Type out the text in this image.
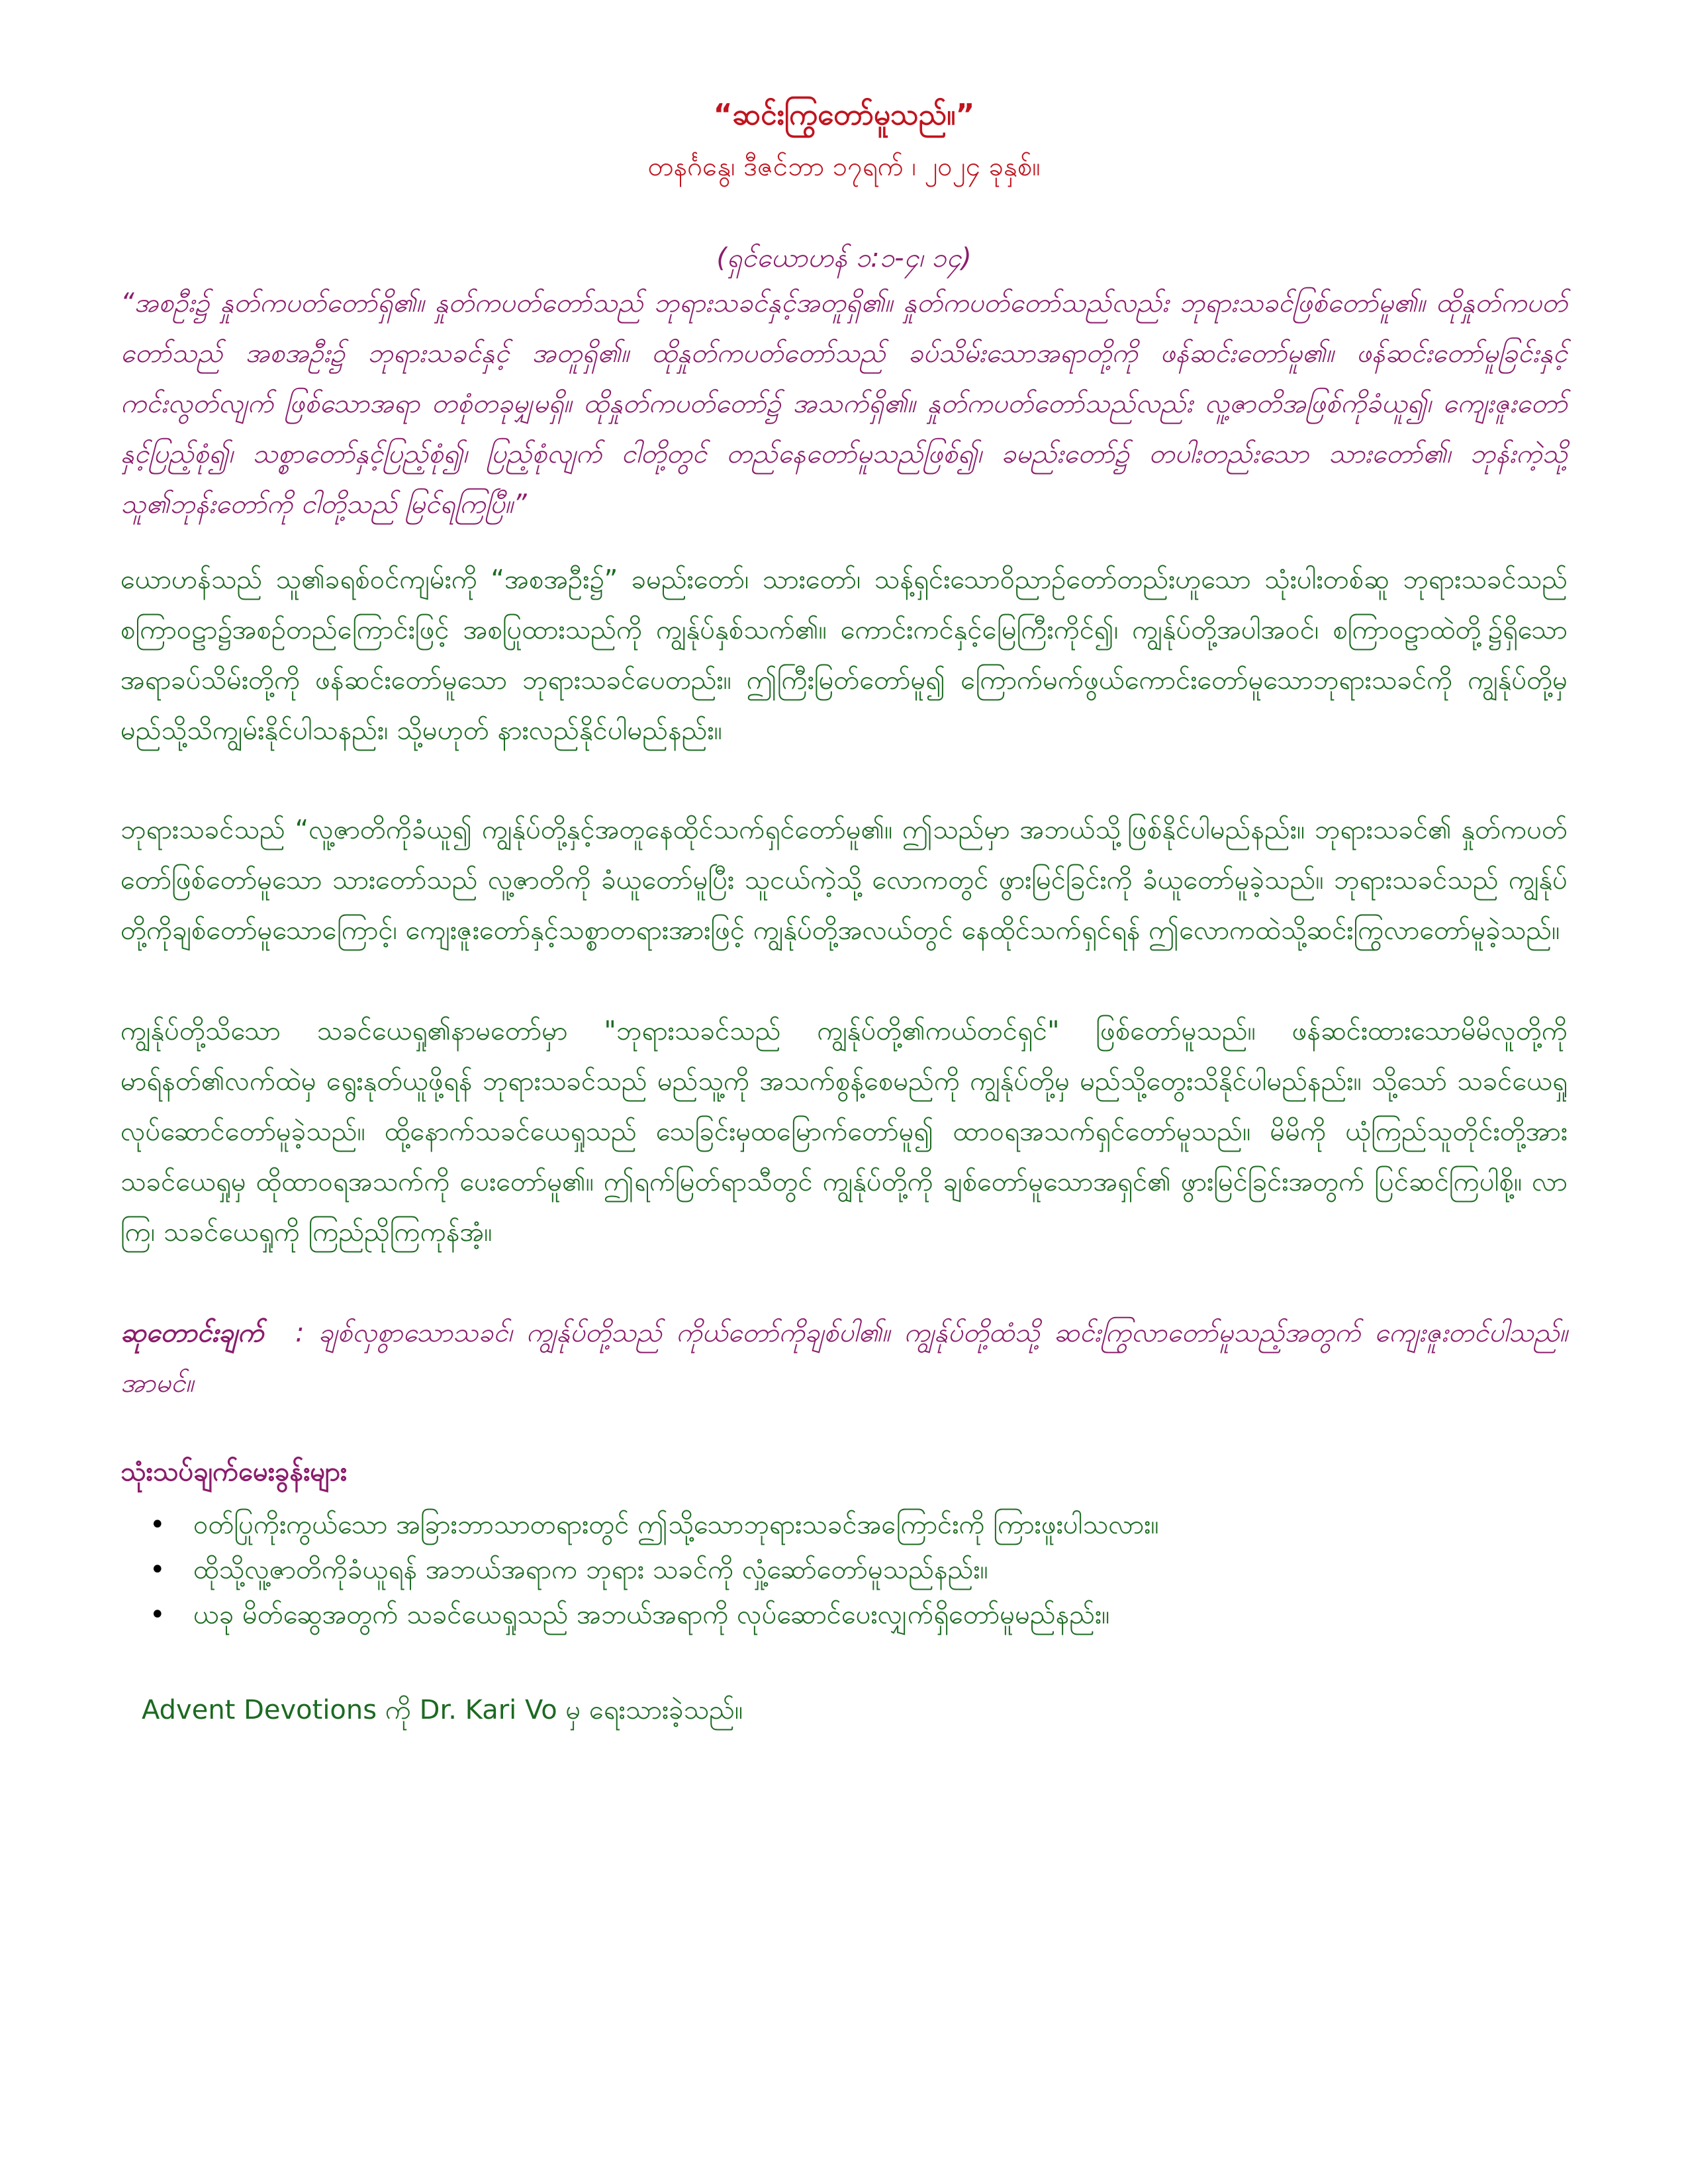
“ဆင်းကြွတော်မူသည်။”
တနင်္ဂနွေ၊ ဒီဇင်ဘာ ၁၇ရက် ၊ ၂၀၂၄ ခုနှစ်။
(ရှင်ယောဟန် ၁:၁-၄၊ ၁၄)
“အစဦး၌ နှုတ်ကပတ်တော်ရှိ၏။ နှုတ်ကပတ်တော်သည် ဘုရားသခင်နှင့်အတူရှိ၏။ နှုတ်ကပတ်တော်သည်လည်း ဘုရားသခင်ဖြစ်တော်မူ၏။ ထိုနှုတ်ကပတ်တော်သည် အစအဦး၌ ဘုရားသခင်နှင့် အတူရှိ၏။ ထိုနှုတ်ကပတ်တော်သည် ခပ်သိမ်းသောအရာတို့ကို ဖန်ဆင်းတော်မူ၏။ ဖန်ဆင်းတော်မူခြင်းနှင့် ကင်းလွတ်လျက် ဖြစ်သောအရာ တစုံတခုမျှမရှိ။ ထိုနှုတ်ကပတ်တော်၌ အသက်ရှိ၏။ နှုတ်ကပတ်တော်သည်လည်း လူ့ဇာတိအဖြစ်ကိုခံယူ၍၊ ကျေးဇူးတော်နှင့်ပြည့်စုံ၍၊ သစ္စာတော်နှင့်ပြည့်စုံ၍၊ ပြည့်စုံလျက် ငါတို့တွင် တည်နေတော်မူသည်ဖြစ်၍၊ ခမည်းတော်၌ တပါးတည်းသော သားတော်၏၊ ဘုန်းကဲ့သို့ သူ၏ဘုန်းတော်ကို ငါတို့သည် မြင်ရကြပြီ။”
ယောဟန်သည် သူ၏ခရစ်ဝင်ကျမ်းကို “အစအဦး၌” ခမည်းတော်၊ သားတော်၊ သန့်ရှင်းသောဝိညာဉ်တော်တည်းဟူသော သုံးပါးတစ်ဆူ ဘုရားသခင်သည် စကြာဝဠာ၌အစဉ်တည်ကြောင်းဖြင့် အစပြုထားသည်ကို ကျွန်ုပ်နှစ်သက်၏။ ကောင်းကင်နှင့်မြေကြီးကိုင်၍၊ ကျွန်ုပ်တို့အပါအဝင်၊ စကြာဝဠာထဲတို့၌ရှိသော အရာခပ်သိမ်းတို့ကို ဖန်ဆင်းတော်မူသော ဘုရားသခင်ပေတည်း။ ဤကြီးမြတ်တော်မူ၍ ကြောက်မက်ဖွယ်ကောင်းတော်မူသောဘုရားသခင်ကို ကျွန်ုပ်တို့မှ မည်သို့သိကျွမ်းနိုင်ပါသနည်း၊ သို့မဟုတ် နားလည်နိုင်ပါမည်နည်း။
ဘုရားသခင်သည် “လူ့ဇာတိကိုခံယူ၍ ကျွန်ုပ်တို့နှင့်အတူနေထိုင်သက်ရှင်တော်မူ၏။ ဤသည်မှာ အဘယ်သို့ဖြစ်နိုင်ပါမည်နည်း။ ဘုရားသခင်၏ နှုတ်ကပတ်တော်ဖြစ်တော်မူသော သားတော်သည် လူ့ဇာတိကို ခံယူတော်မူပြီး သူငယ်ကဲ့သို့ လောကတွင် ဖွားမြင်ခြင်းကို ခံယူတော်မူခဲ့သည်။ ဘုရားသခင်သည် ကျွန်ုပ်တို့ကိုချစ်တော်မူသောကြောင့်၊ ကျေးဇူးတော်နှင့်သစ္စာတရားအားဖြင့် ကျွန်ုပ်တို့အလယ်တွင် နေထိုင်သက်ရှင်ရန် ဤလောကထဲသို့ဆင်းကြွလာတော်မူခဲ့သည်။
ကျွန်ုပ်တို့သိသော သခင်ယေရှု၏နာမတော်မှာ "ဘုရားသခင်သည် ကျွန်ုပ်တို့၏ကယ်တင်ရှင်" ဖြစ်တော်မူသည်။ ဖန်ဆင်းထားသောမိမိလူတို့ကို မာရ်နတ်၏လက်ထဲမှ ရွေးနုတ်ယူဖို့ရန် ဘုရားသခင်သည် မည်သူ့ကို အသက်စွန့်စေမည်ကို ကျွန်ုပ်တို့မှ မည်သို့တွေးသိနိုင်ပါမည်နည်း။ သို့သော် သခင်ယေရှုလုပ်ဆောင်တော်မူခဲ့သည်။ ထို့နောက်သခင်ယေရှုသည် သေခြင်းမှထမြောက်တော်မူ၍ ထာဝရအသက်ရှင်တော်မူသည်။ မိမိကို ယုံကြည်သူတိုင်းတို့အား သခင်ယေရှုမှ ထိုထာဝရအသက်ကို ပေးတော်မူ၏။ ဤရက်မြတ်ရာသီတွင် ကျွန်ုပ်တို့ကို ချစ်တော်မူသောအရှင်၏ ဖွားမြင်ခြင်းအတွက် ပြင်ဆင်ကြပါစို့။ လာကြ၊ သခင်ယေရှုကို ကြည်ညိုကြကုန်အံ့။
ဆုတောင်းချက် : ချစ်လှစွာသောသခင်၊ ကျွန်ုပ်တို့သည် ကိုယ်တော်ကိုချစ်ပါ၏။ ကျွန်ုပ်တို့ထံသို့ ဆင်းကြွလာတော်မူသည့်အတွက် ကျေးဇူးတင်ပါသည်။ အာမင်။
သုံးသပ်ချက်မေးခွန်းများ
• ဝတ်ပြုကိုးကွယ်သော အခြားဘာသာတရားတွင် ဤသို့သောဘုရားသခင်အကြောင်းကို ကြားဖူးပါသလား။
• ထိုသို့လူ့ဇာတိကိုခံယူရန် အဘယ်အရာက ဘုရား သခင်ကို လှုံ့ဆော်တော်မူသည်နည်း။
• ယခု မိတ်ဆွေအတွက် သခင်ယေရှုသည် အဘယ်အရာကို လုပ်ဆောင်ပေးလျှက်ရှိတော်မူမည်နည်း။
Advent Devotions ကို Dr. Kari Vo မှ ရေးသားခဲ့သည်။
